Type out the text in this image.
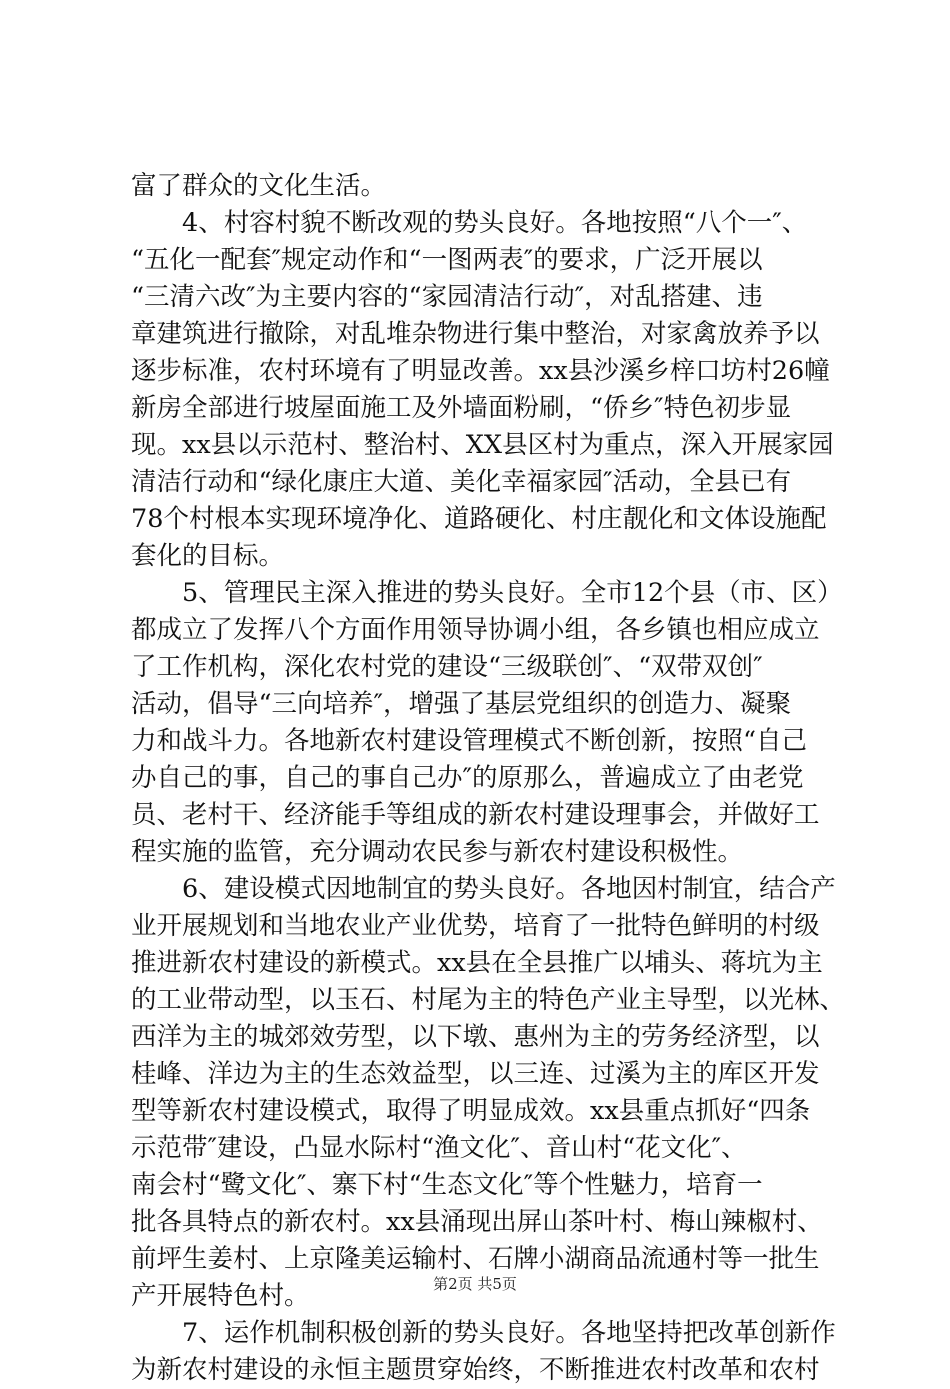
富了群众的文化生活。
4、村容村貌不断改观的势头良好。各地按照“八个一″、
“五化一配套″规定动作和“一图两表″的要求，广泛开展以
“三清六改″为主要内容的“家园清洁行动″，对乱搭建、违
章建筑进行撤除，对乱堆杂物进行集中整治，对家禽放养予以
逐步标准，农村环境有了明显改善。xx县沙溪乡梓口坊村26幢
新房全部进行坡屋面施工及外墙面粉刷，“侨乡″特色初步显
现。xx县以示范村、整治村、XX县区村为重点，深入开展家园
清洁行动和“绿化康庄大道、美化幸福家园″活动，全县已有
78个村根本实现环境净化、道路硬化、村庄靓化和文体设施配
套化的目标。
5、管理民主深入推进的势头良好。全市12个县（市、区）
都成立了发挥八个方面作用领导协调小组，各乡镇也相应成立
了工作机构，深化农村党的建设“三级联创″、“双带双创″
活动，倡导“三向培养″，增强了基层党组织的创造力、凝聚
力和战斗力。各地新农村建设管理模式不断创新，按照“自己
办自己的事，自己的事自己办″的原那么，普遍成立了由老党
员、老村干、经济能手等组成的新农村建设理事会，并做好工
程实施的监管，充分调动农民参与新农村建设积极性。
6、建设模式因地制宜的势头良好。各地因村制宜，结合产
业开展规划和当地农业产业优势，培育了一批特色鲜明的村级
推进新农村建设的新模式。xx县在全县推广以埔头、蒋坑为主
的工业带动型，以玉石、村尾为主的特色产业主导型，以光林、
西洋为主的城郊效劳型，以下墩、惠州为主的劳务经济型，以
桂峰、洋边为主的生态效益型，以三连、过溪为主的库区开发
型等新农村建设模式，取得了明显成效。xx县重点抓好“四条
示范带″建设，凸显水际村“渔文化″、音山村“花文化″、
南会村“鹭文化″、寨下村“生态文化″等个性魅力，培育一
批各具特点的新农村。xx县涌现出屏山茶叶村、梅山辣椒村、
前坪生姜村、上京隆美运输村、石牌小湖商品流通村等一批生
产开展特色村。
7、运作机制积极创新的势头良好。各地坚持把改革创新作
为新农村建设的永恒主题贯穿始终，不断推进农村改革和农村
第2页 共5页
